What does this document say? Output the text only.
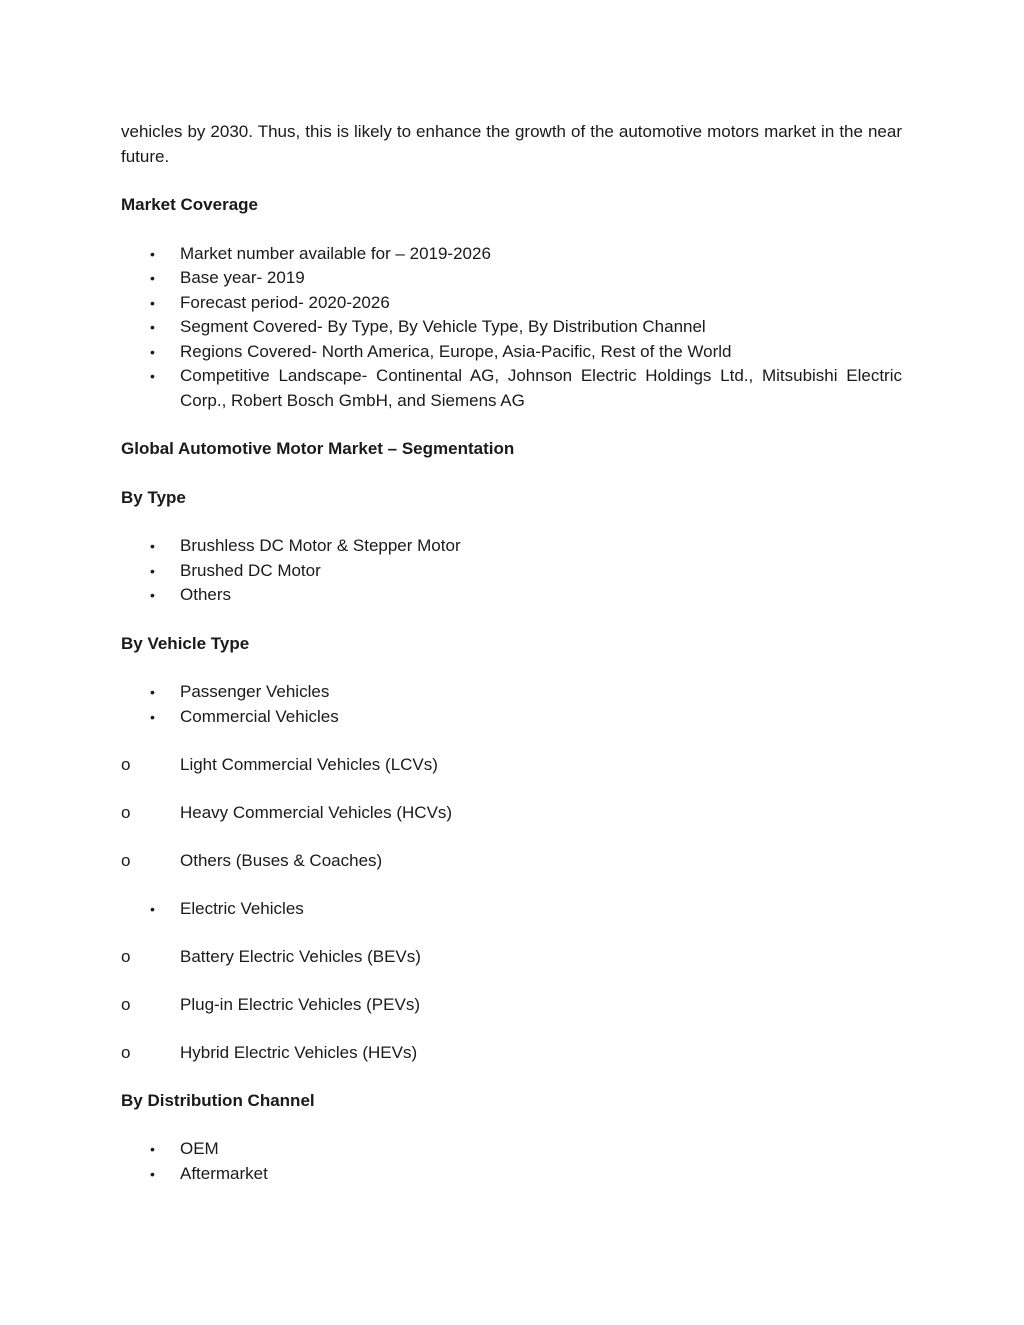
vehicles by 2030. Thus, this is likely to enhance the growth of the automotive motors market in the near future.

Market Coverage

• Market number available for – 2019-2026
• Base year- 2019
• Forecast period- 2020-2026
• Segment Covered- By Type, By Vehicle Type, By Distribution Channel
• Regions Covered- North America, Europe, Asia-Pacific, Rest of the World
• Competitive Landscape- Continental AG, Johnson Electric Holdings Ltd., Mitsubishi Electric Corp., Robert Bosch GmbH, and Siemens AG

Global Automotive Motor Market – Segmentation

By Type

• Brushless DC Motor & Stepper Motor
• Brushed DC Motor
• Others

By Vehicle Type

• Passenger Vehicles
• Commercial Vehicles

o	Light Commercial Vehicles (LCVs)

o	Heavy Commercial Vehicles (HCVs)

o	Others (Buses & Coaches)

• Electric Vehicles

o	Battery Electric Vehicles (BEVs)

o	Plug-in Electric Vehicles (PEVs)

o	Hybrid Electric Vehicles (HEVs)

By Distribution Channel

• OEM
• Aftermarket
